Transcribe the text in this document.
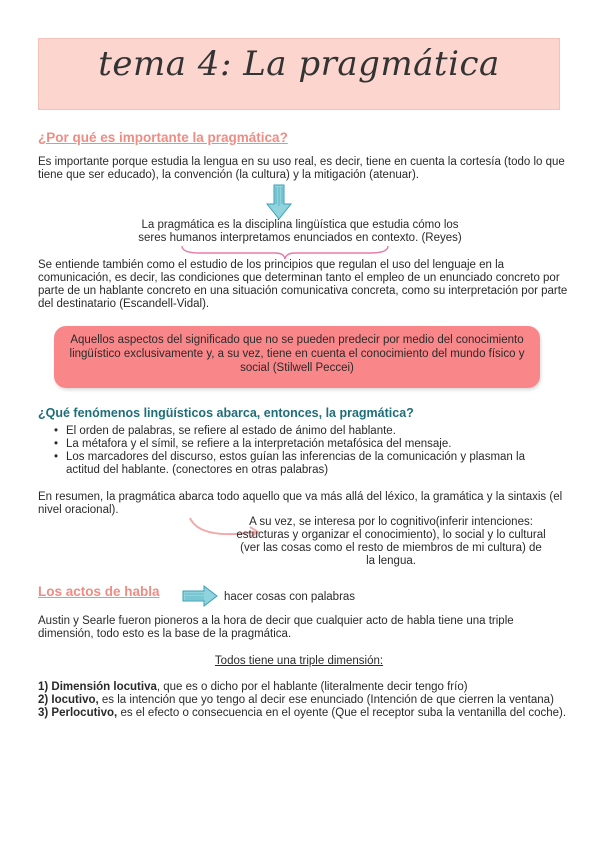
tema 4: La pragmática
¿Por qué es importante la pragmática?
Es importante porque estudia la lengua en su uso real, es decir, tiene en cuenta la cortesía (todo lo que tiene que ser educado), la convención (la cultura) y la mitigación (atenuar).
La pragmática es la disciplina lingüística que estudia cómo los
seres humanos interpretamos enunciados en contexto. (Reyes)
Se entiende también como el estudio de los principios que regulan el uso del lenguaje en la comunicación, es decir, las condiciones que determinan tanto el empleo de un enunciado concreto por parte de un hablante concreto en una situación comunicativa concreta, como su interpretación por parte del destinatario (Escandell-Vidal).
Aquellos aspectos del significado que no se pueden predecir por medio del conocimiento lingüístico exclusivamente y, a su vez, tiene en cuenta el conocimiento del mundo físico y social (Stilwell Peccei)
¿Qué fenómenos lingüísticos abarca, entonces, la pragmática?
• El orden de palabras, se refiere al estado de ánimo del hablante.
• La métafora y el símil, se refiere a la interpretación metafósica del mensaje.
• Los marcadores del discurso, estos guían las inferencias de la comunicación y plasman la actitud del hablante. (conectores en otras palabras)
En resumen, la pragmática abarca todo aquello que va más allá del léxico, la gramática y la sintaxis (el nivel oracional).
A su vez, se interesa por lo cognitivo(inferir intenciones: estucturas y organizar el conocimiento), lo social y lo cultural (ver las cosas como el resto de miembros de mi cultura) de la lengua.
Los actos de habla	hacer cosas con palabras
Austin y Searle fueron pioneros a la hora de decir que cualquier acto de habla tiene una triple dimensión, todo esto es la base de la pragmática.
Todos tiene una triple dimensión:
1) Dimensión locutiva, que es o dicho por el hablante (literalmente decir tengo frío)
2) Iocutivo, es la intención que yo tengo al decir ese enunciado (Intención de que cierren la ventana)
3) Perlocutivo, es el efecto o consecuencia en el oyente (Que el receptor suba la ventanilla del coche).
